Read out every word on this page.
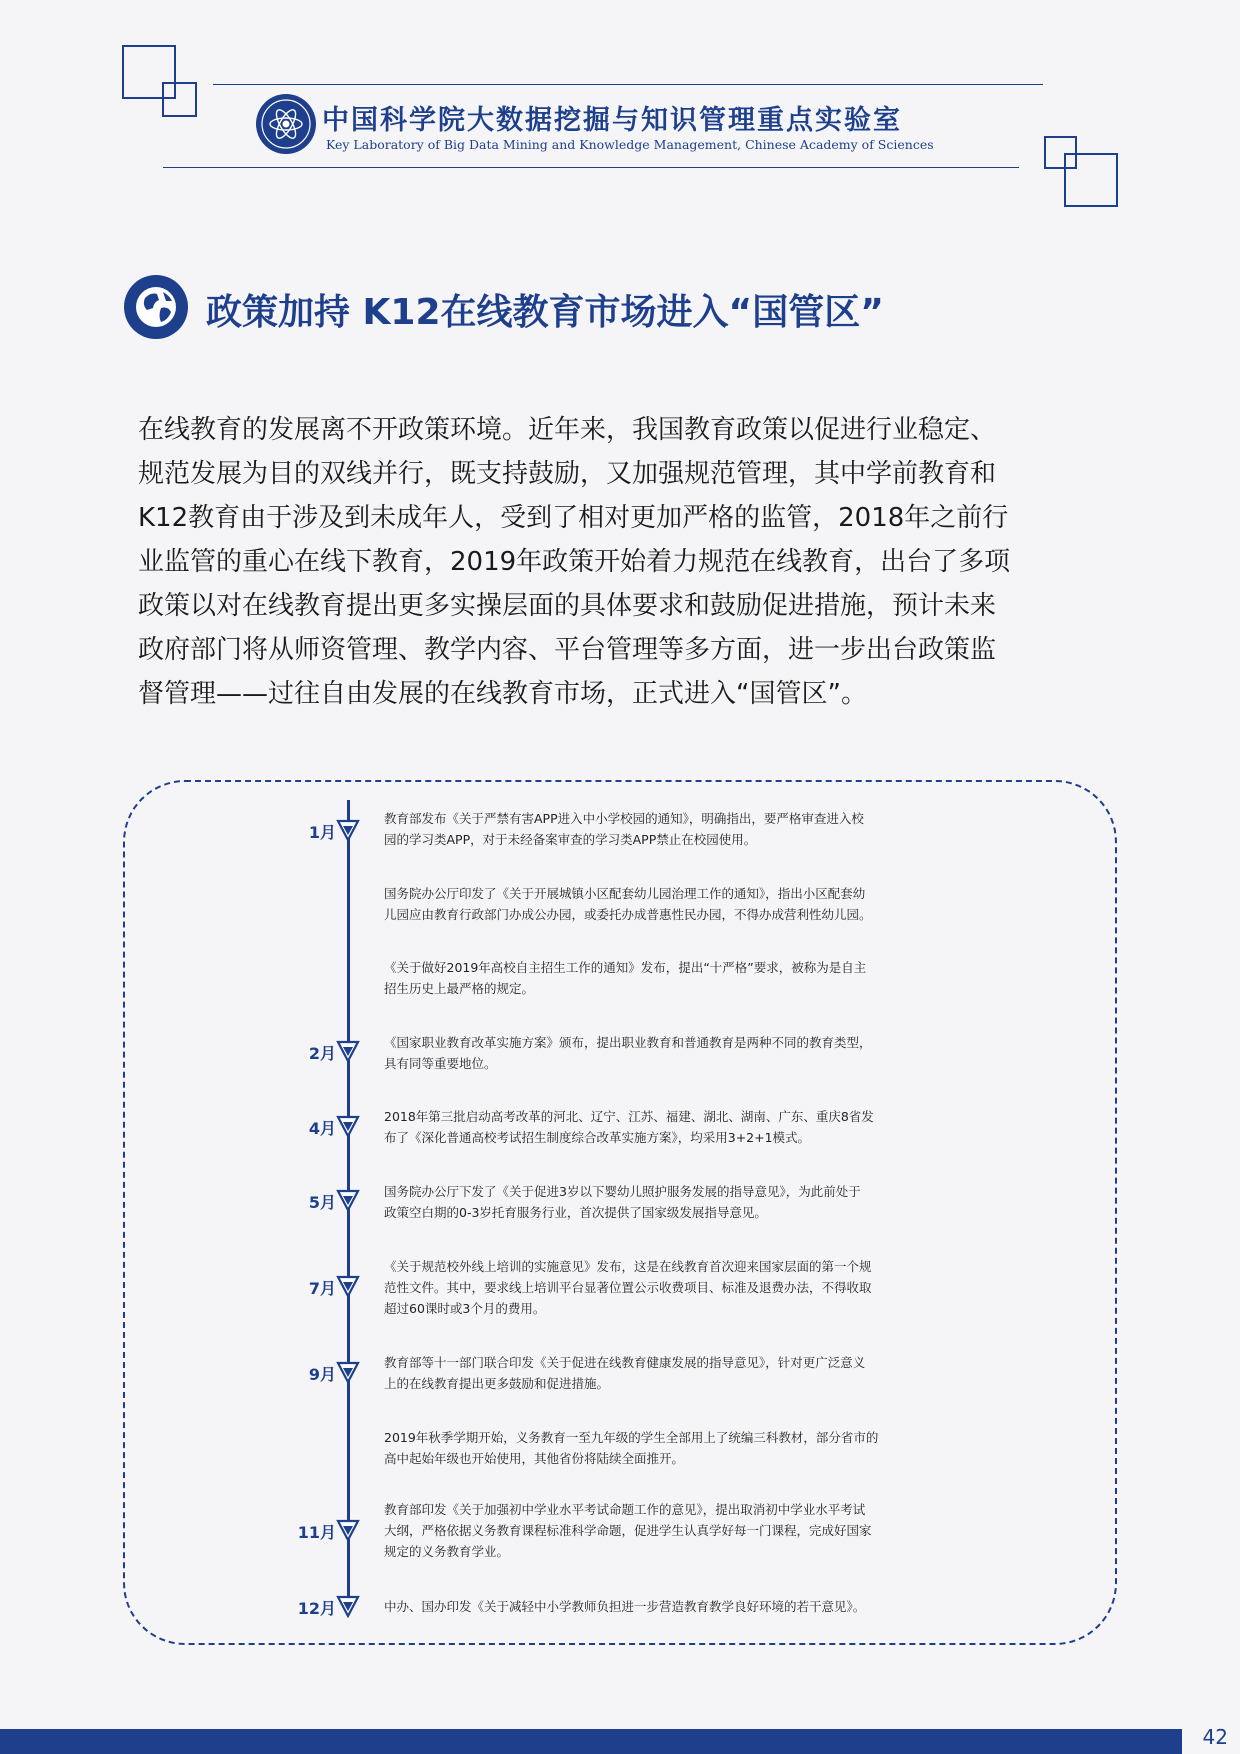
中国科学院大数据挖掘与知识管理重点实验室
Key Laboratory of Big Data Mining and Knowledge Management, Chinese Academy of Sciences
政策加持 K12在线教育市场进入“国管区”
在线教育的发展离不开政策环境。近年来，我国教育政策以促进行业稳定、
规范发展为目的双线并行，既支持鼓励，又加强规范管理，其中学前教育和
K12教育由于涉及到未成年人，受到了相对更加严格的监管，2018年之前行
业监管的重心在线下教育，2019年政策开始着力规范在线教育，出台了多项
政策以对在线教育提出更多实操层面的具体要求和鼓励促进措施，预计未来
政府部门将从师资管理、教学内容、平台管理等多方面，进一步出台政策监
督管理——过往自由发展的在线教育市场，正式进入“国管区”。
1月
2月
4月
5月
7月
9月
11月
12月
教育部发布《关于严禁有害APP进入中小学校园的通知》，明确指出，要严格审查进入校
园的学习类APP，对于未经备案审查的学习类APP禁止在校园使用。
国务院办公厅印发了《关于开展城镇小区配套幼儿园治理工作的通知》，指出小区配套幼
儿园应由教育行政部门办成公办园，或委托办成普惠性民办园，不得办成营利性幼儿园。
《关于做好2019年高校自主招生工作的通知》发布，提出“十严格”要求，被称为是自主
招生历史上最严格的规定。
《国家职业教育改革实施方案》颁布，提出职业教育和普通教育是两种不同的教育类型，
具有同等重要地位。
2018年第三批启动高考改革的河北、辽宁、江苏、福建、湖北、湖南、广东、重庆8省发
布了《深化普通高校考试招生制度综合改革实施方案》，均采用3+2+1模式。
国务院办公厅下发了《关于促进3岁以下婴幼儿照护服务发展的指导意见》，为此前处于
政策空白期的0-3岁托育服务行业，首次提供了国家级发展指导意见。
《关于规范校外线上培训的实施意见》发布，这是在线教育首次迎来国家层面的第一个规
范性文件。其中，要求线上培训平台显著位置公示收费项目、标准及退费办法，不得收取
超过60课时或3个月的费用。
教育部等十一部门联合印发《关于促进在线教育健康发展的指导意见》，针对更广泛意义
上的在线教育提出更多鼓励和促进措施。
2019年秋季学期开始，义务教育一至九年级的学生全部用上了统编三科教材，部分省市的
高中起始年级也开始使用，其他省份将陆续全面推开。
教育部印发《关于加强初中学业水平考试命题工作的意见》，提出取消初中学业水平考试
大纲，严格依据义务教育课程标准科学命题，促进学生认真学好每一门课程，完成好国家
规定的义务教育学业。
中办、国办印发《关于减轻中小学教师负担进一步营造教育教学良好环境的若干意见》。
42
